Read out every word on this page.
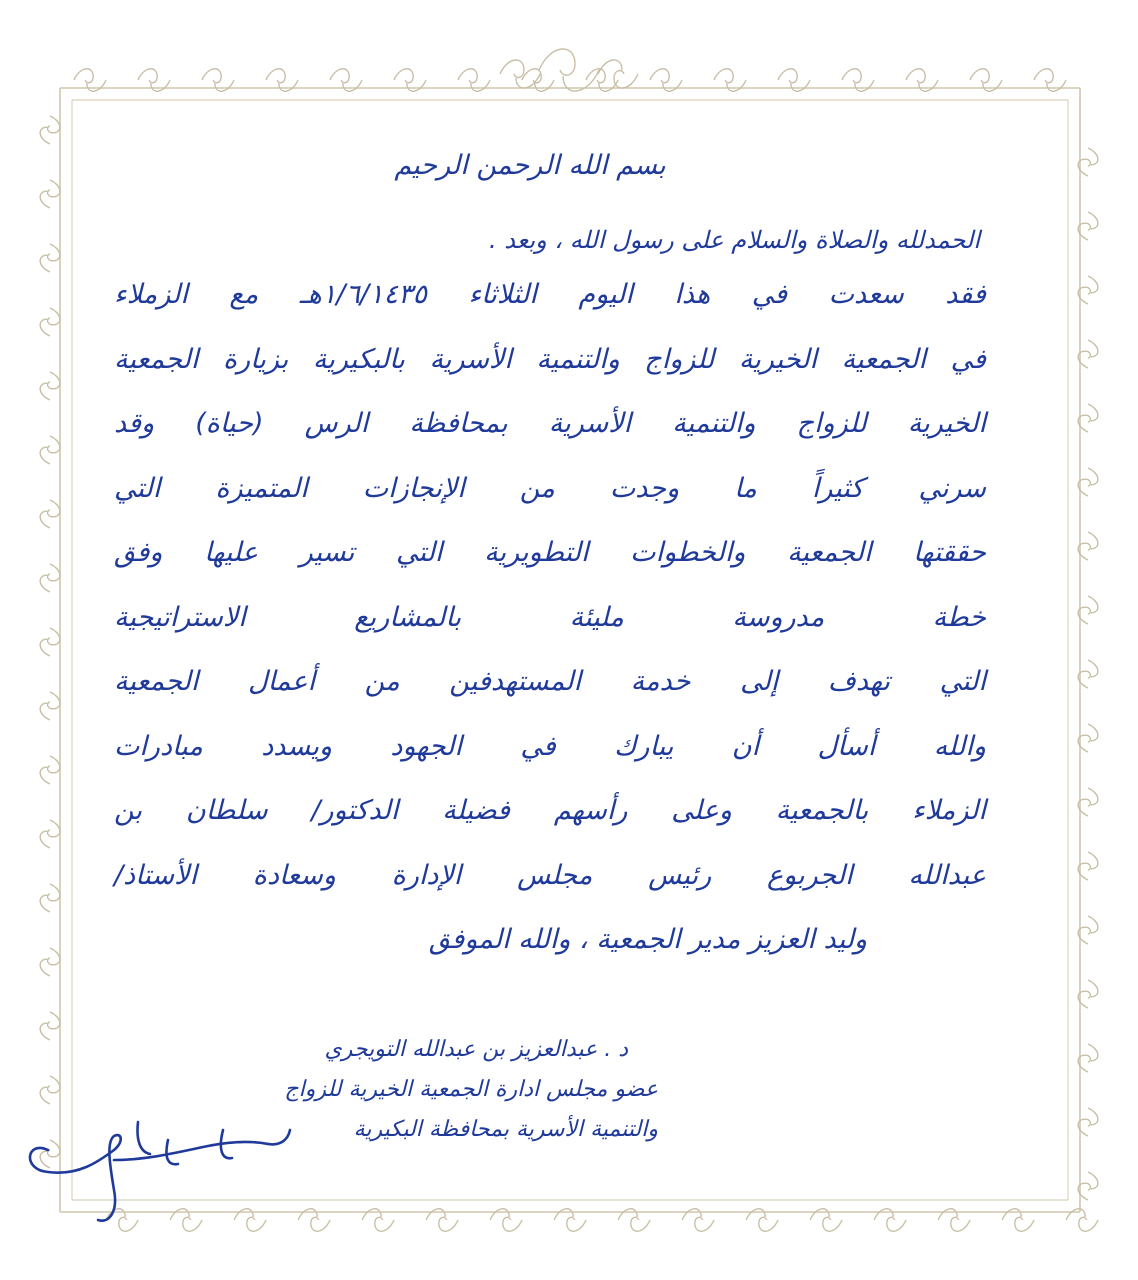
بسم الله الرحمن الرحيم
الحمدلله والصلاة والسلام على رسول الله ، وبعد .
فقد سعدت في هذا اليوم الثلاثاء ١/٦/١٤٣٥هـ مع الزملاء
في الجمعية الخيرية للزواج والتنمية الأسرية بالبكيرية بزيارة الجمعية
الخيرية للزواج والتنمية الأسرية بمحافظة الرس (حياة) وقد
سرني كثيراً ما وجدت من الإنجازات المتميزة التي
حققتها الجمعية والخطوات التطويرية التي تسير عليها وفق
خطة مدروسة مليئة بالمشاريع الاستراتيجية
التي تهدف إلى خدمة المستهدفين من أعمال الجمعية
والله أسأل أن يبارك في الجهود ويسدد مبادرات
الزملاء بالجمعية وعلى رأسهم فضيلة الدكتور/ سلطان بن
عبدالله الجربوع رئيس مجلس الإدارة وسعادة الأستاذ/
وليد العزيز مدير الجمعية ، والله الموفق
د . عبدالعزيز بن عبدالله التويجري
عضو مجلس ادارة الجمعية الخيرية للزواج
والتنمية الأسرية بمحافظة البكيرية
